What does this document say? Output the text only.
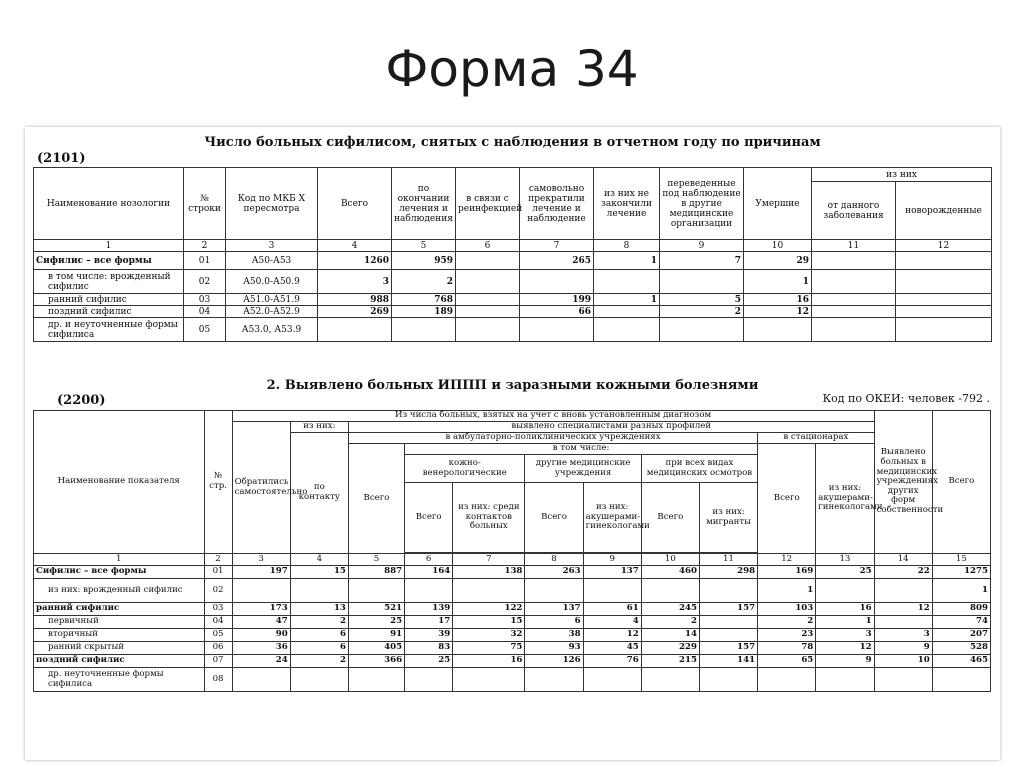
Форма 34
Число больных сифилисом, снятых с наблюдения в отчетном году по причинам
(2101)
Наименование нозологии	№ строки	Код по МКБ Х пересмотра	Всего	по окончании лечения и наблюдения	в связи с реинфекцией	самовольно прекратили лечение и наблюдение	из них не закончили лечение	переведенные под наблюдение в другие медицинские организации	Умершие	из них	
										от данного заболевания	новорожденные
1	2	3	4	5	6	7	8	9	10	11	12
Сифилис – все формы	01	А50-А53	1260	959		265	1	7	29		
в том числе: врожденный сифилис	02	А50.0-А50.9	3	2					1		
ранний сифилис	03	А51.0-А51.9	988	768		199	1	5	16		
поздний сифилис	04	А52.0-А52.9	269	189		66		2	12		
др. и неуточненные формы сифилиса	05	А53.0, А53.9									
2. Выявлено больных ИППП и заразными кожными болезнями
(2200)	Код по ОКЕИ: человек -792 .
Наименование показателя	№ стр.	Из числа больных, взятых на учет с вновь установленным диагнозом											Выявлено больных в медицинских учреждениях других форм собственности	Всего
		Обратились самостоятельно	из них:	выявлено специалистами разных профилей										
			по контакту	в амбулаторно-поликлинических учреждениях							в стационарах			
				Всего	в том числе:						Всего	из них: акушерами-гинекологами		
					кожно-венерологические		другие медицинские учреждения		при всех видах медицинских осмотров					
					Всего	из них: среди контактов больных	Всего	из них: акушерами-гинекологами	Всего	из них: мигранты				

1	2	3	4	5	6	7	8	9	10	11	12	13	14	15
Сифилис – все формы	01	197	15	887	164	138	263	137	460	298	169	25	22	1275
из них: врожденный сифилис	02										1			1
ранний сифилис	03	173	13	521	139	122	137	61	245	157	103	16	12	809
первичный	04	47	2	25	17	15	6	4	2		2	1		74
вторичный	05	90	6	91	39	32	38	12	14		23	3	3	207
ранний скрытый	06	36	6	405	83	75	93	45	229	157	78	12	9	528
поздний сифилис	07	24	2	366	25	16	126	76	215	141	65	9	10	465
др. неуточненные формы сифилиса	08													
